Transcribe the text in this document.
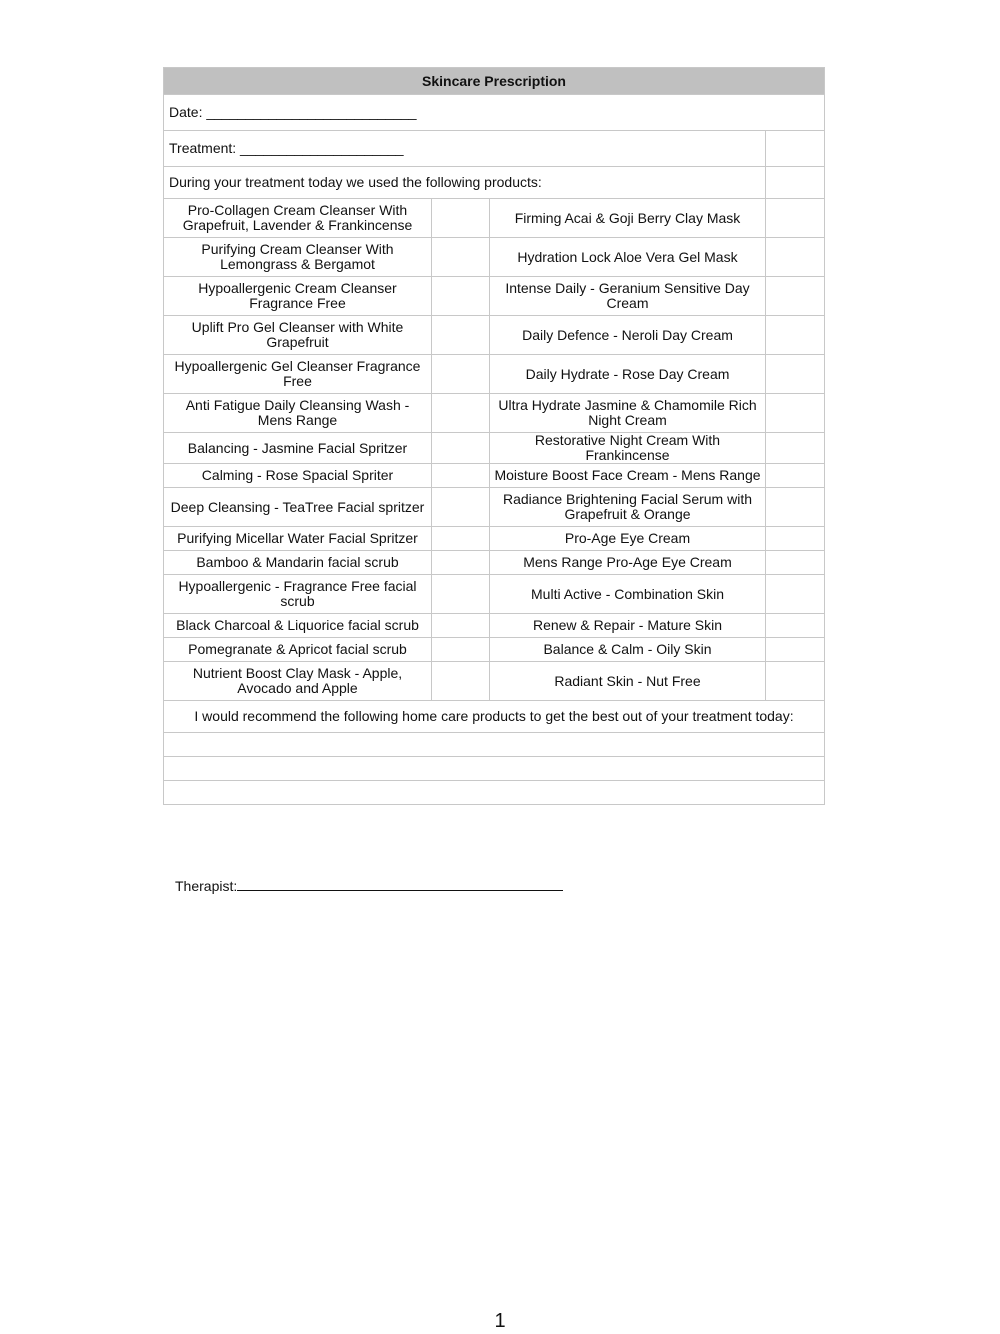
Skincare Prescription			
Date: ___________________________			
Treatment: _____________________			
During your treatment today we used the following products:			
Pro-Collagen Cream Cleanser With Grapefruit, Lavender & Frankincense		Firming Acai & Goji Berry Clay Mask	
Purifying Cream Cleanser With Lemongrass & Bergamot		Hydration Lock Aloe Vera Gel Mask	
Hypoallergenic Cream Cleanser Fragrance Free		Intense Daily - Geranium Sensitive Day Cream	
Uplift Pro Gel Cleanser with White Grapefruit		Daily Defence - Neroli Day Cream	
Hypoallergenic Gel Cleanser Fragrance Free		Daily Hydrate - Rose Day Cream	
Anti Fatigue Daily Cleansing Wash - Mens Range		Ultra Hydrate Jasmine & Chamomile Rich Night Cream	
Balancing - Jasmine Facial Spritzer		Restorative Night Cream With Frankincense	
Calming - Rose Spacial Spriter		Moisture Boost Face Cream - Mens Range	
Deep Cleansing - TeaTree Facial spritzer		Radiance Brightening Facial Serum with Grapefruit & Orange	
Purifying Micellar Water Facial Spritzer		Pro-Age Eye Cream	
Bamboo & Mandarin facial scrub		Mens Range Pro-Age Eye Cream	
Hypoallergenic - Fragrance Free facial scrub		Multi Active - Combination Skin	
Black Charcoal & Liquorice facial scrub		Renew & Repair - Mature Skin	
Pomegranate & Apricot facial scrub		Balance & Calm - Oily Skin	
Nutrient Boost Clay Mask - Apple, Avocado and Apple		Radiant Skin - Nut Free	
I would recommend the following home care products to get the best out of your treatment today:			

Therapist:
1
